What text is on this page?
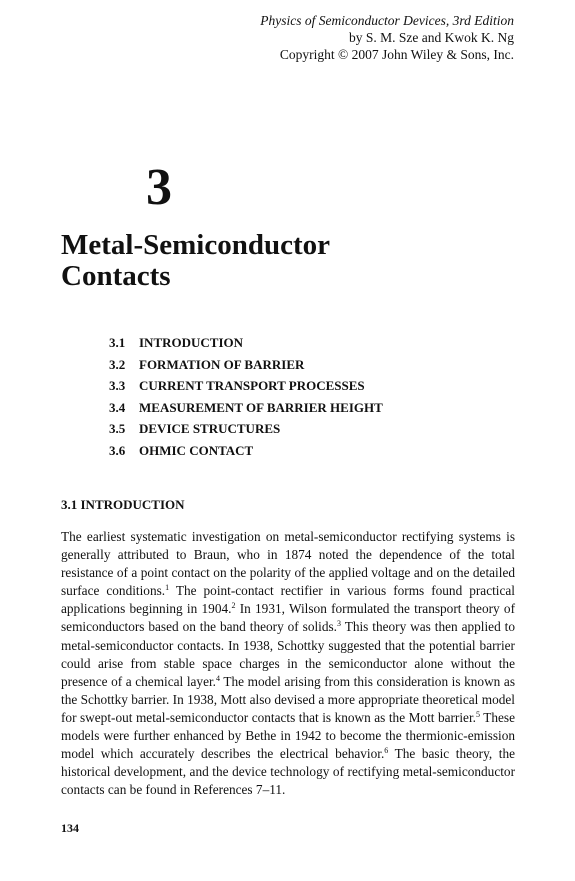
Physics of Semiconductor Devices, 3rd Edition
by S. M. Sze and Kwok K. Ng
Copyright © 2007 John Wiley & Sons, Inc.
3
Metal-Semiconductor
Contacts
3.1 INTRODUCTION
3.2 FORMATION OF BARRIER
3.3 CURRENT TRANSPORT PROCESSES
3.4 MEASUREMENT OF BARRIER HEIGHT
3.5 DEVICE STRUCTURES
3.6 OHMIC CONTACT
3.1 INTRODUCTION

The earliest systematic investigation on metal-semiconductor rectifying systems is generally attributed to Braun, who in 1874 noted the dependence of the total resistance of a point contact on the polarity of the applied voltage and on the detailed surface conditions.$^1$ The point-contact rectifier in various forms found practical applications beginning in 1904.$^2$ In 1931, Wilson formulated the transport theory of semiconductors based on the band theory of solids.$^3$ This theory was then applied to metal-semiconductor contacts. In 1938, Schottky suggested that the potential barrier could arise from stable space charges in the semiconductor alone without the presence of a chemical layer.$^4$ The model arising from this consideration is known as the Schottky barrier. In 1938, Mott also devised a more appropriate theoretical model for swept-out metal-semiconductor contacts that is known as the Mott barrier.$^5$ These models were further enhanced by Bethe in 1942 to become the thermionic-emission model which accurately describes the electrical behavior.$^6$ The basic theory, the historical development, and the device technology of rectifying metal-semiconductor contacts can be found in References 7–11.

134
